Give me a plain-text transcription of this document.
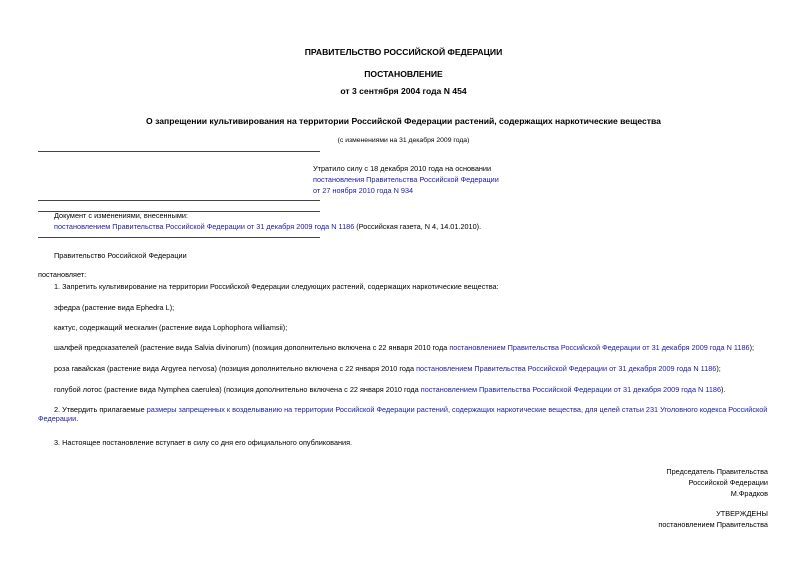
ПРАВИТЕЛЬСТВО РОССИЙСКОЙ ФЕДЕРАЦИИ
ПОСТАНОВЛЕНИЕ
от 3 сентября 2004 года N 454
О запрещении культивирования на территории Российской Федерации растений, содержащих наркотические вещества
(с изменениями на 31 декабря 2009 года)
Утратило силу с 18 декабря 2010 года на основании
постановления Правительства Российской Федерации
от 27 ноября 2010 года N 934
Документ с изменениями, внесенными:
постановлением Правительства Российской Федерации от 31 декабря 2009 года N 1186 (Российская газета, N 4, 14.01.2010).
Правительство Российской Федерации
постановляет:
1. Запретить культивирование на территории Российской Федерации следующих растений, содержащих наркотические вещества:
эфедра (растение вида Ephedra L);
кактус, содержащий мескалин (растение вида Lophophora williamsii);
шалфей предсказателей (растение вида Salvia divinorum) (позиция дополнительно включена с 22 января 2010 года постановлением Правительства Российской Федерации от 31 декабря 2009 года N 1186);
роза гавайская (растение вида Argyrea nervosa) (позиция дополнительно включена с 22 января 2010 года постановлением Правительства Российской Федерации от 31 декабря 2009 года N 1186);
голубой лотос (растение вида Nymphea caerulea) (позиция дополнительно включена с 22 января 2010 года постановлением Правительства Российской Федерации от 31 декабря 2009 года N 1186).
2. Утвердить прилагаемые размеры запрещенных к возделыванию на территории Российской Федерации растений, содержащих наркотические вещества, для целей статьи 231 Уголовного кодекса Российской Федерации.
3. Настоящее постановление вступает в силу со дня его официального опубликования.
Председатель Правительства
Российской Федерации
М.Фрадков
УТВЕРЖДЕНЫ
постановлением Правительства
